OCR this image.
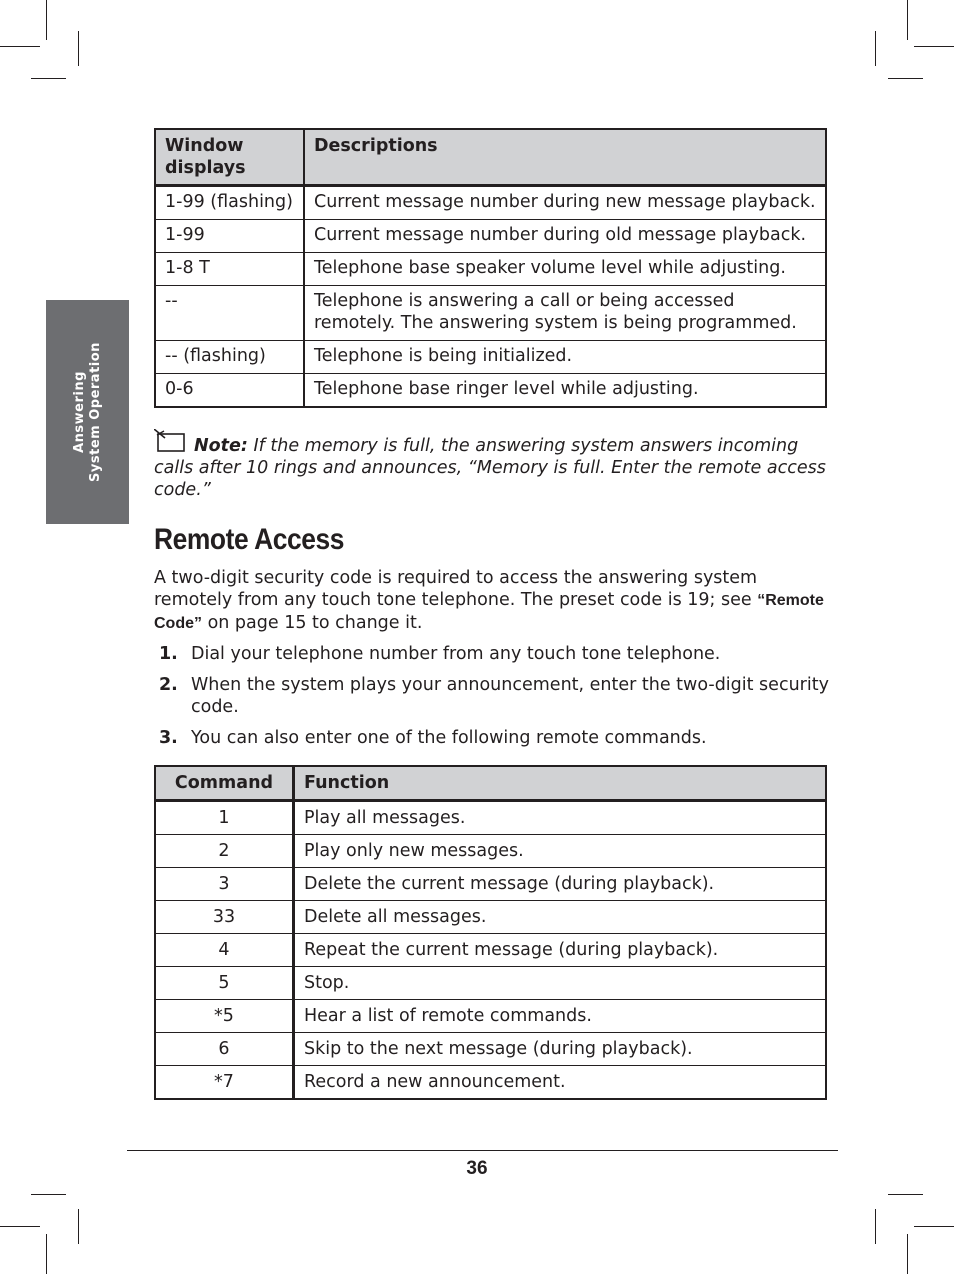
Answering System Operation
Window displays	Descriptions
1-99 (flashing)	Current message number during new message playback.
1-99	Current message number during old message playback.
1-8 T	Telephone base speaker volume level while adjusting.
--	Telephone is answering a call or being accessed remotely. The answering system is being programmed.
-- (flashing)	Telephone is being initialized.
0-6	Telephone base ringer level while adjusting.
Note: If the memory is full, the answering system answers incoming calls after 10 rings and announces, “Memory is full. Enter the remote access code.”
Remote Access
A two-digit security code is required to access the answering system remotely from any touch tone telephone. The preset code is 19; see “Remote Code” on page 15 to change it.
1. Dial your telephone number from any touch tone telephone.
2. When the system plays your announcement, enter the two-digit security code.
3. You can also enter one of the following remote commands.
Command	Function
1	Play all messages.
2	Play only new messages.
3	Delete the current message (during playback).
33	Delete all messages.
4	Repeat the current message (during playback).
5	Stop.
*5	Hear a list of remote commands.
6	Skip to the next message (during playback).
*7	Record a new announcement.
36
